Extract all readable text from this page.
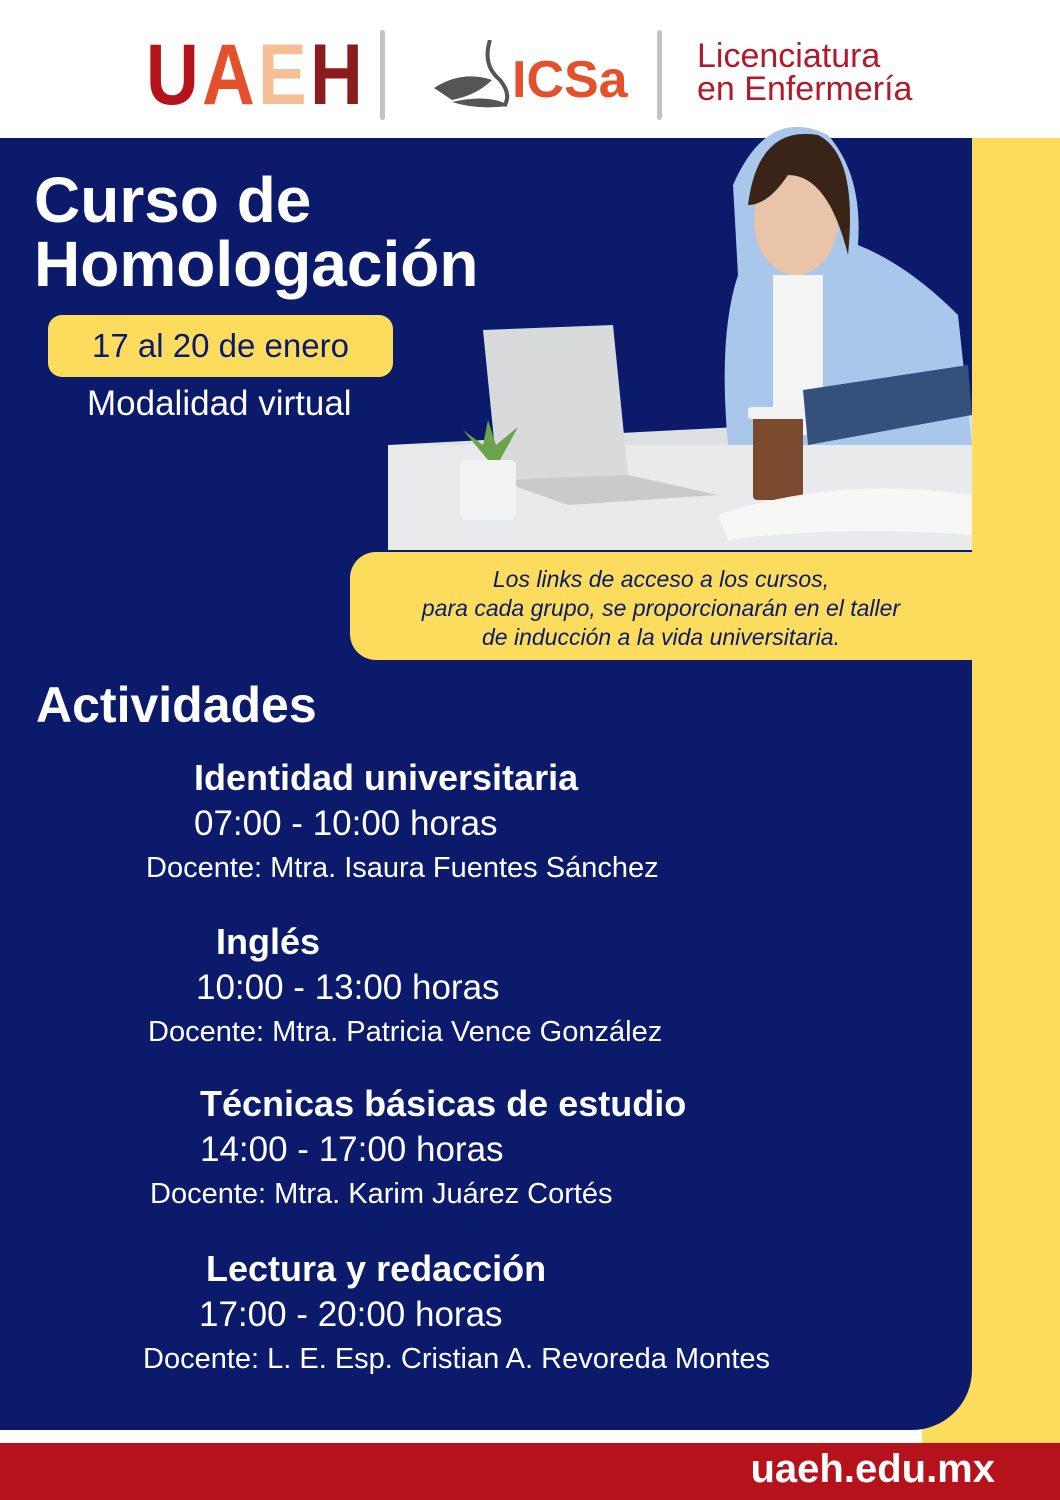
U A E H	ICSa Licenciatura
en Enfermería
Curso de
Homologación
17 al 20 de enero
Modalidad virtual
Los links de acceso a los cursos,
para cada grupo, se proporcionarán en el taller
de inducción a la vida universitaria.
Actividades
Identidad universitaria
07:00 - 10:00 horas
Docente: Mtra. Isaura Fuentes Sánchez
Inglés
10:00 - 13:00 horas
Docente: Mtra. Patricia Vence González
Técnicas básicas de estudio
14:00 - 17:00 horas
Docente: Mtra. Karim Juárez Cortés
Lectura y redacción
17:00 - 20:00 horas
Docente: L. E. Esp. Cristian A. Revoreda Montes
uaeh.edu.mx
